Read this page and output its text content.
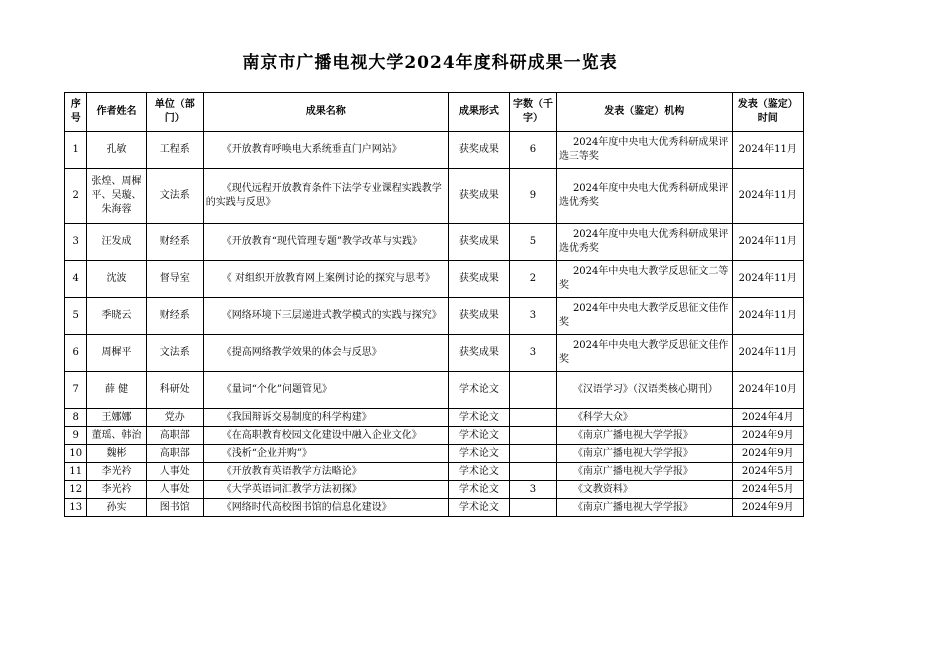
南京市广播电视大学2024年度科研成果一览表
序号	作者姓名	单位（部门）	成果名称	成果形式	字数（千字）	发表（鉴定）机构	发表（鉴定）时间
1	孔敏	工程系	《开放教育呼唤电大系统垂直门户网站》	获奖成果	6	2024年度中央电大优秀科研成果评选三等奖	2024年11月
2	张煌、周樨平、吴璇、朱海蓉	文法系	《现代远程开放教育条件下法学专业课程实践教学的实践与反思》	获奖成果	9	2024年度中央电大优秀科研成果评选优秀奖	2024年11月
3	汪发成	财经系	《开放教育“现代管理专题”教学改革与实践》	获奖成果	5	2024年度中央电大优秀科研成果评选优秀奖	2024年11月
4	沈波	督导室	《 对组织开放教育网上案例讨论的探究与思考》	获奖成果	2	2024年中央电大教学反思征文二等奖	2024年11月
5	季晓云	财经系	《网络环境下三层递进式教学模式的实践与探究》	获奖成果	3	2024年中央电大教学反思征文佳作奖	2024年11月
6	周樨平	文法系	《提高网络教学效果的体会与反思》	获奖成果	3	2024年中央电大教学反思征文佳作奖	2024年11月
7	薛 健	科研处	《量词“个化”问题管见》	学术论文		《汉语学习》（汉语类核心期刊）	2024年10月
8	王娜娜	党办	《我国辩诉交易制度的科学构建》	学术论文		《科学大众》	2024年4月
9	董瑶、韩治	高职部	《在高职教育校园文化建设中融入企业文化》	学术论文		《南京广播电视大学学报》	2024年9月
10	魏彬	高职部	《浅析“企业并购”》	学术论文		《南京广播电视大学学报》	2024年9月
11	李光衿	人事处	《开放教育英语教学方法略论》	学术论文		《南京广播电视大学学报》	2024年5月
12	李光衿	人事处	《大学英语词汇教学方法初探》	学术论文	3	《文教资料》	2024年5月
13	孙实	图书馆	《网络时代高校图书馆的信息化建设》	学术论文		《南京广播电视大学学报》	2024年9月
